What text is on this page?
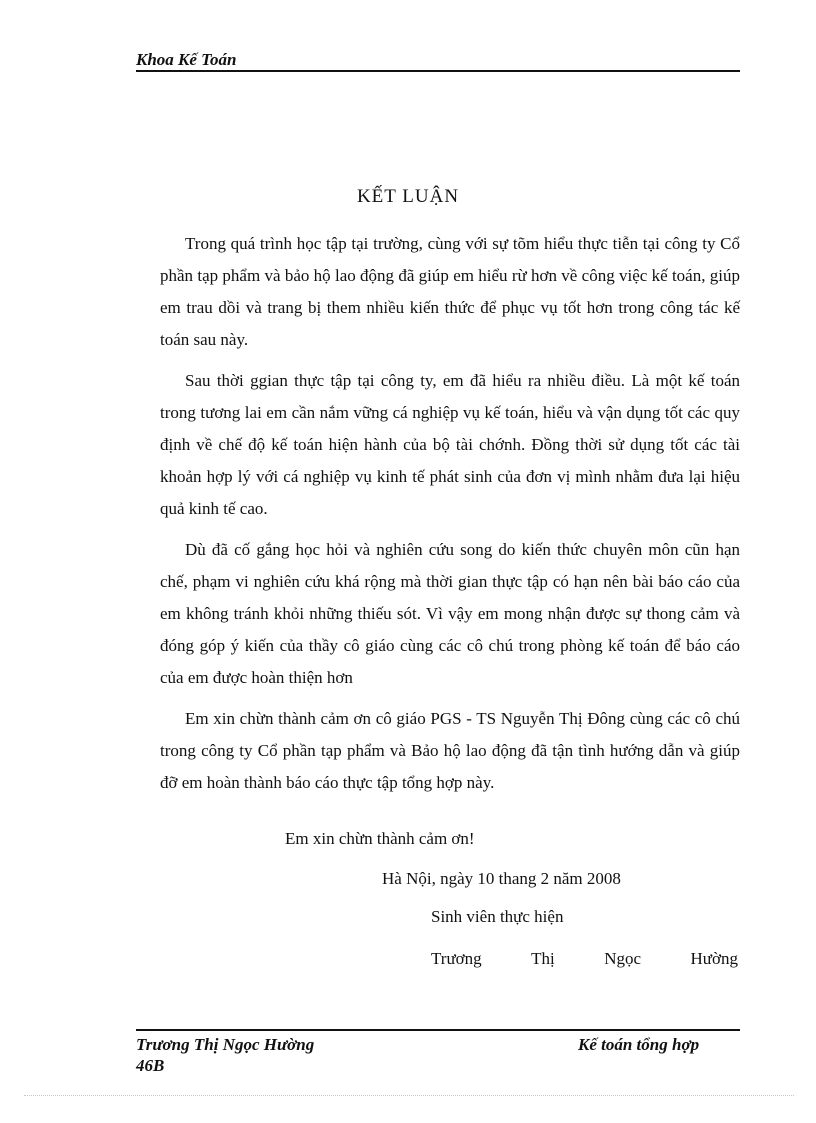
Khoa Kế Toán
KẾT LUẬN

Trong quá trình học tập tại trường, cùng với sự tõm hiểu thực tiễn tại công ty Cổ phần tạp phẩm và bảo hộ lao động đã giúp em hiểu rừ hơn về công việc kế toán, giúp em trau dồi và trang bị them nhiều kiến thức để phục vụ tốt hơn trong công tác kế toán sau này.

Sau thời ggian thực tập tại công ty, em đã hiểu ra nhiều điều. Là một kế toán trong tương lai em cần nắm vững cá nghiệp vụ kế toán, hiểu và vận dụng tốt các quy định về chế độ kế toán hiện hành của bộ tài chớnh. Đồng thời sử dụng tốt các tài khoản hợp lý với cá nghiệp vụ kinh tế phát sinh của đơn vị mình nhằm đưa lại hiệu quả kinh tế cao.

Dù đã cố gắng học hỏi và nghiên cứu song do kiến thức chuyên môn cũn hạn chế, phạm vi nghiên cứu khá rộng mà thời gian thực tập có hạn nên bài báo cáo của em không tránh khỏi những thiếu sót. Vì vậy em mong nhận được sự thong cảm và đóng góp ý kiến của thầy cô giáo cùng các cô chú trong phòng kế toán để báo cáo của em được hoàn thiện hơn

Em xin chừn thành cảm ơn cô giáo PGS - TS Nguyễn Thị Đông cùng các cô chú trong công ty Cổ phần tạp phẩm và Bảo hộ lao động đã tận tình hướng dẫn và giúp đỡ em hoàn thành báo cáo thực tập tổng hợp này.

Em xin chừn thành cảm ơn!
Hà Nội, ngày 10 thang 2 năm 2008
Sinh viên thực hiện
Trương	Thị	Ngọc	Hường
Trương Thị Ngọc Hường
46B
Kế toán tổng hợp
